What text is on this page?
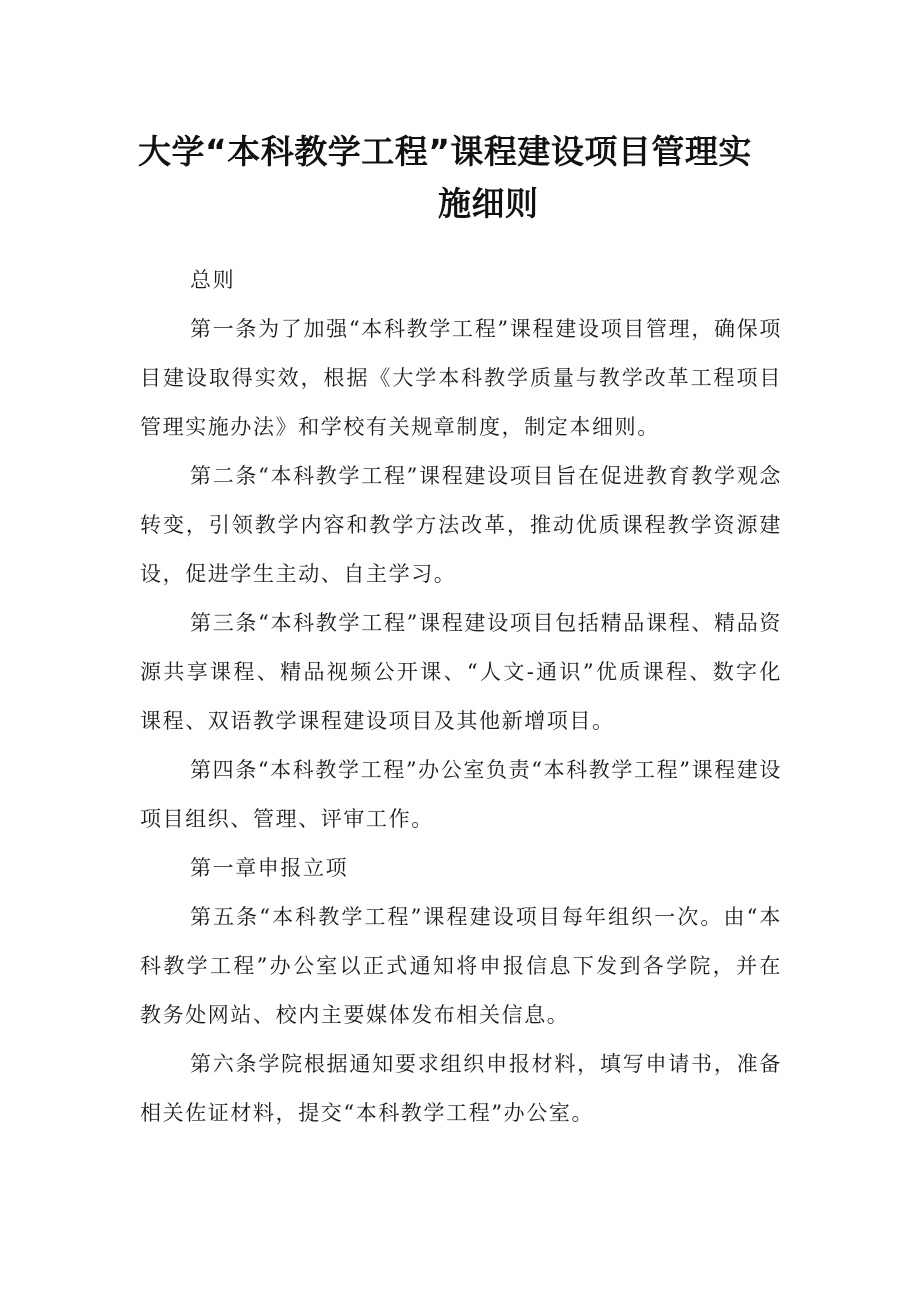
大学“本科教学工程”课程建设项目管理实
施细则

总则

第一条为了加强“本科教学工程”课程建设项目管理，确保项目建设取得实效，根据《大学本科教学质量与教学改革工程项目管理实施办法》和学校有关规章制度，制定本细则。

第二条“本科教学工程”课程建设项目旨在促进教育教学观念转变，引领教学内容和教学方法改革，推动优质课程教学资源建设，促进学生主动、自主学习。

第三条“本科教学工程”课程建设项目包括精品课程、精品资源共享课程、精品视频公开课、“人文-通识”优质课程、数字化课程、双语教学课程建设项目及其他新增项目。

第四条“本科教学工程”办公室负责“本科教学工程”课程建设项目组织、管理、评审工作。

第一章申报立项

第五条“本科教学工程”课程建设项目每年组织一次。由“本科教学工程”办公室以正式通知将申报信息下发到各学院，并在教务处网站、校内主要媒体发布相关信息。

第六条学院根据通知要求组织申报材料，填写申请书，准备相关佐证材料，提交“本科教学工程”办公室。
